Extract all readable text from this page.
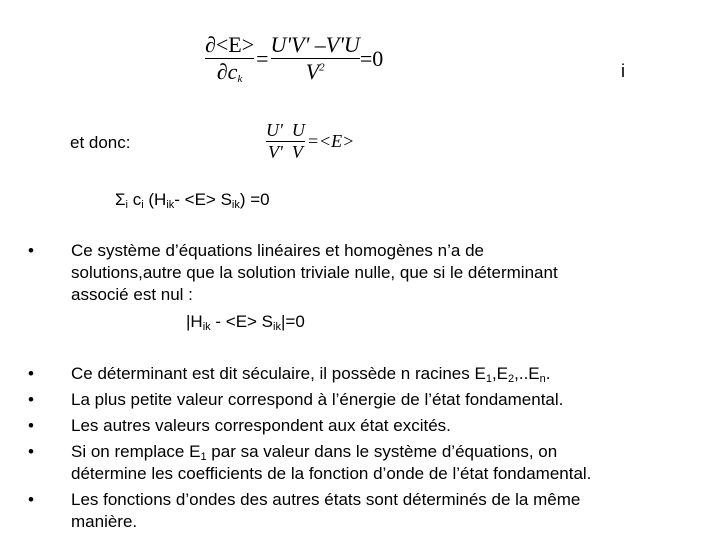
$\frac{\partial<E>}{\partial c_k} = \frac{U'V' -V'U}{V^2} =0$
i
et donc:	$\frac{U' U}{V' V} =<E>$
$\Sigma_i$ $c_i$ $(H_{ik}- <E> S_{ik}) =0$
• Ce système d’équations linéaires et homogènes n’a de
solutions,autre que la solution triviale nulle, que si le déterminant
associé est nul :
$|H_{ik} - <E> S_{ik}|=0$
• Ce déterminant est dit séculaire, il possède n racines $E_1,E_2,..E_n$.
• La plus petite valeur correspond à l’énergie de l’état fondamental.
• Les autres valeurs correspondent aux état excités.
• Si on remplace $E_1$ par sa valeur dans le système d’équations, on
détermine les coefficients de la fonction d’onde de l’état fondamental.
• Les fonctions d’ondes des autres états sont déterminés de la même
manière.
